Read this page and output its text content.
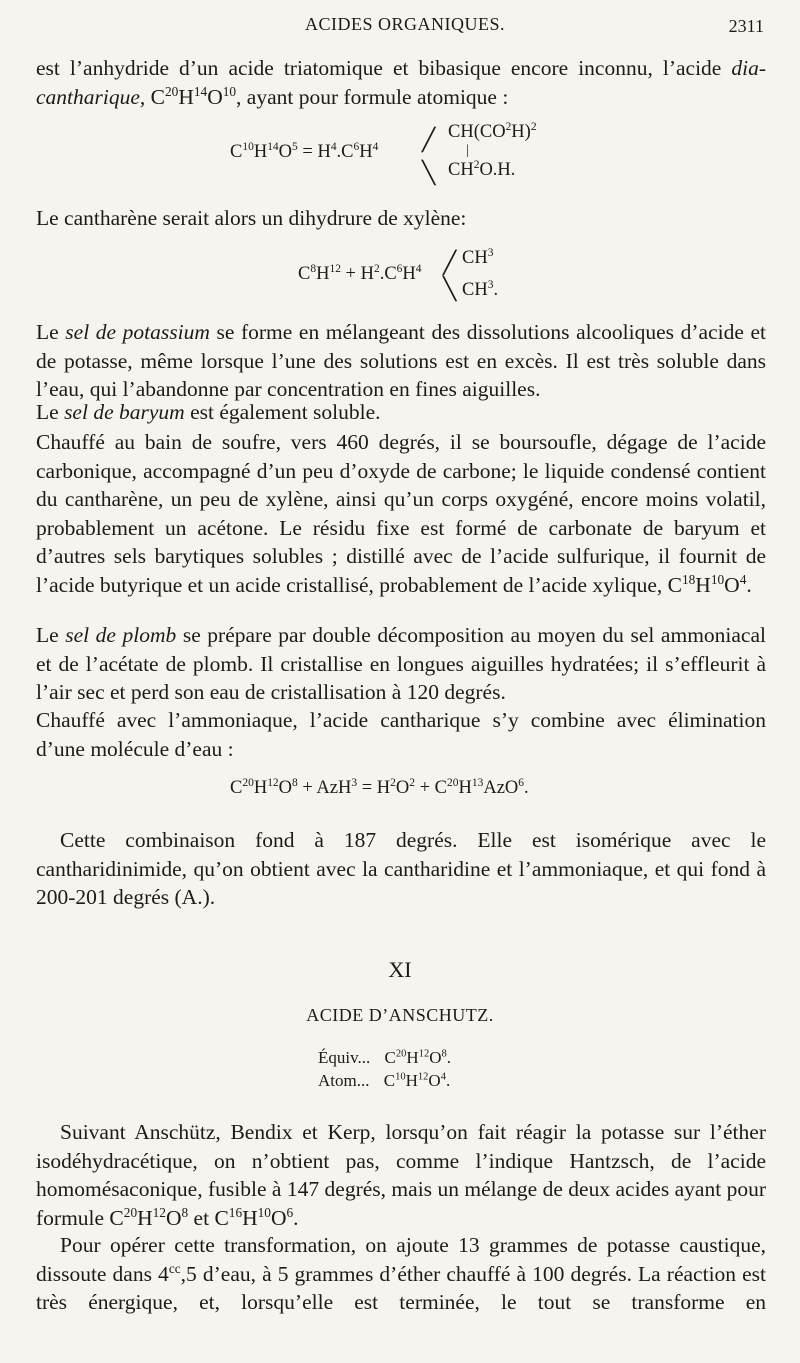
ACIDES ORGANIQUES.	2311

est l’anhydride d’un acide triatomique et bibasique encore inconnu, l’acide dia-cantharique, $C^{20}H^{14}O^{10}$, ayant pour formule atomique :

$C^{10}H^{14}O^5 = H^4.C^6H^4$ ╱
╲
$CH(CO^2H)^2$
|
$CH^2O.H$.

Le cantharène serait alors un dihydrure de xylène:

$C^8H^{12} + H^2.C^6H^4$ ╱
╲
$CH^3$
$CH^3$.

Le sel de potassium se forme en mélangeant des dissolutions alcooliques d’acide et de potasse, même lorsque l’une des solutions est en excès. Il est très soluble dans l’eau, qui l’abandonne par concentration en fines aiguilles.

Le sel de baryum est également soluble.

Chauffé au bain de soufre, vers 460 degrés, il se boursoufle, dégage de l’acide carbonique, accompagné d’un peu d’oxyde de carbone; le liquide condensé contient du cantharène, un peu de xylène, ainsi qu’un corps oxygéné, encore moins volatil, probablement un acétone. Le résidu fixe est formé de carbonate de baryum et d’autres sels barytiques solubles ; distillé avec de l’acide sulfurique, il fournit de l’acide butyrique et un acide cristallisé, probablement de l’acide xylique, $C^{18}H^{10}O^4$.

Le sel de plomb se prépare par double décomposition au moyen du sel ammoniacal et de l’acétate de plomb. Il cristallise en longues aiguilles hydratées; il s’effleurit à l’air sec et perd son eau de cristallisation à 120 degrés.

Chauffé avec l’ammoniaque, l’acide cantharique s’y combine avec élimination d’une molécule d’eau :

$C^{20}H^{12}O^8 + AzH^3 = H^2O^2 + C^{20}H^{13}AzO^6$.

Cette combinaison fond à 187 degrés. Elle est isomérique avec le cantharidinimide, qu’on obtient avec la cantharidine et l’ammoniaque, et qui fond à 200-201 degrés (A.).

XI
ACIDE D’ANSCHUTZ.
Équiv... $C^{20}H^{12}O^8$.
Atom... $C^{10}H^{12}O^4$.

Suivant Anschütz, Bendix et Kerp, lorsqu’on fait réagir la potasse sur l’éther isodéhydracétique, on n’obtient pas, comme l’indique Hantzsch, de l’acide homomésaconique, fusible à 147 degrés, mais un mélange de deux acides ayant pour formule $C^{20}H^{12}O^8$ et $C^{16}H^{10}O^6$.

Pour opérer cette transformation, on ajoute 13 grammes de potasse caustique, dissoute dans $4^{cc},5$ d’eau, à 5 grammes d’éther chauffé à 100 degrés. La réaction est très énergique, et, lorsqu’elle est terminée, le tout se transforme en
